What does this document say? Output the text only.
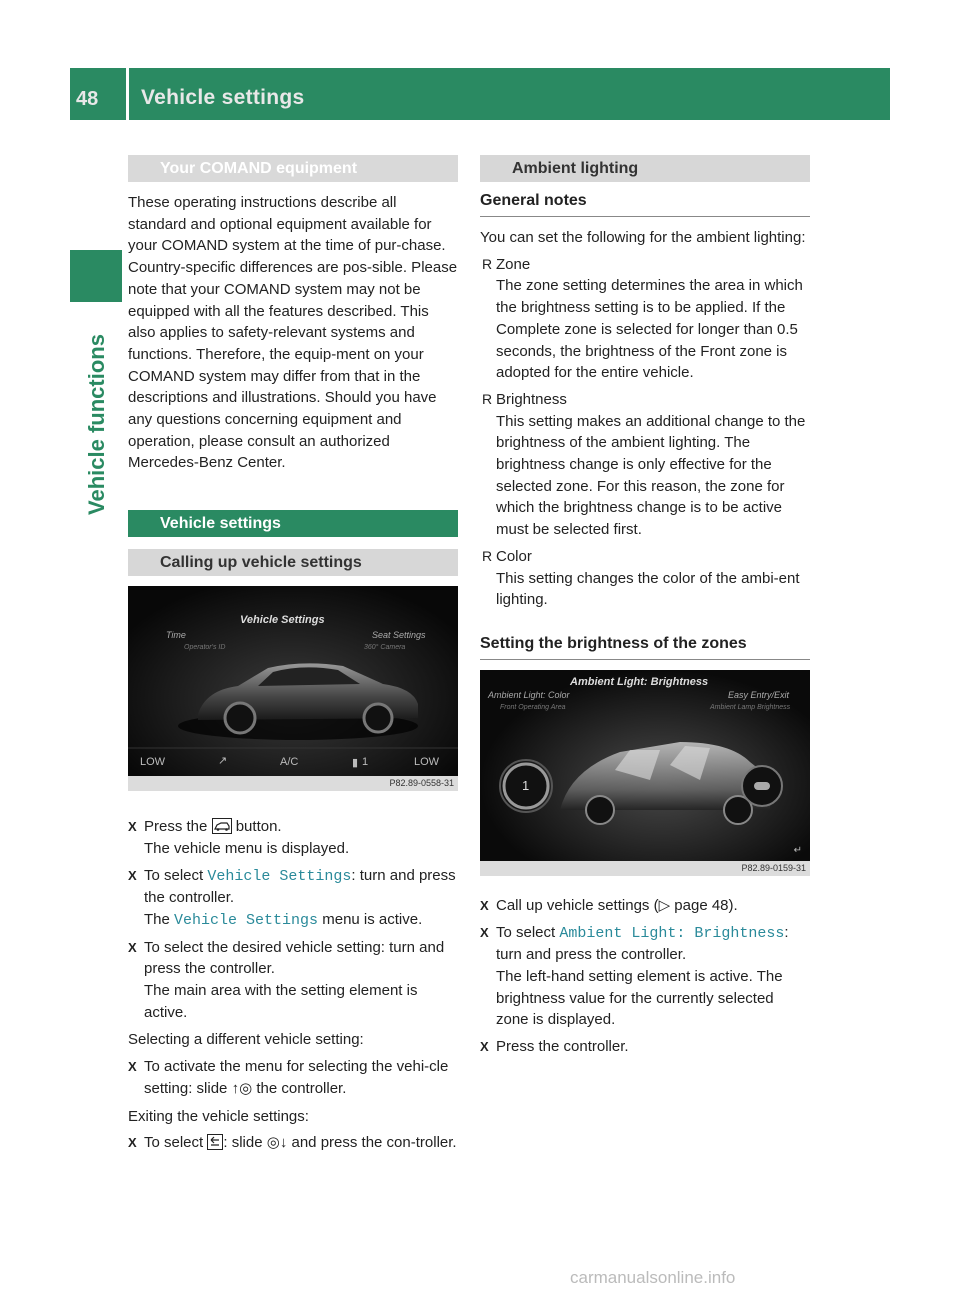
48 Vehicle settings
Vehicle functions
Your COMAND equipment

These operating instructions describe all standard and optional equipment available for your COMAND system at the time of pur-chase. Country-specific differences are pos-sible. Please note that your COMAND system may not be equipped with all the features described. This also applies to safety-relevant systems and functions. Therefore, the equip-ment on your COMAND system may differ from that in the descriptions and illustrations. Should you have any questions concerning equipment and operation, please consult an authorized Mercedes-Benz Center.

Vehicle settings
Calling up vehicle settings
Vehicle Settings
Time
Operator's ID
Seat Settings
360° Camera
LOW	↗	A/C	▮ 1	LOW
P82.89-0558-31
X Press the button.
The vehicle menu is displayed.
X To select Vehicle Settings: turn and press the controller.
The Vehicle Settings menu is active.
X To select the desired vehicle setting: turn and press the controller.
The main area with the setting element is active.

Selecting a different vehicle setting:

X To activate the menu for selecting the vehi-cle setting: slide ↑◎ the controller.

Exiting the vehicle settings:

X To select : slide ◎↓ and press the con-troller.
Ambient lighting
General notes

You can set the following for the ambient lighting:

R Zone
The zone setting determines the area in which the brightness setting is to be applied. If the Complete zone is selected for longer than 0.5 seconds, the brightness of the Front zone is adopted for the entire vehicle.
R Brightness
This setting makes an additional change to the brightness of the ambient lighting. The brightness change is only effective for the selected zone. For this reason, the zone for which the brightness change is to be active must be selected first.
R Color
This setting changes the color of the ambi-ent lighting.
Setting the brightness of the zones
Ambient Light: Brightness
Ambient Light: Color
Front Operating Area
Easy Entry/Exit
Ambient Lamp Brightness
1
↵
P82.89-0159-31
X Call up vehicle settings (▷ page 48).
X To select Ambient Light: Brightness:
turn and press the controller.
The left-hand setting element is active. The brightness value for the currently selected zone is displayed.
X Press the controller.
carmanualsonline.info
